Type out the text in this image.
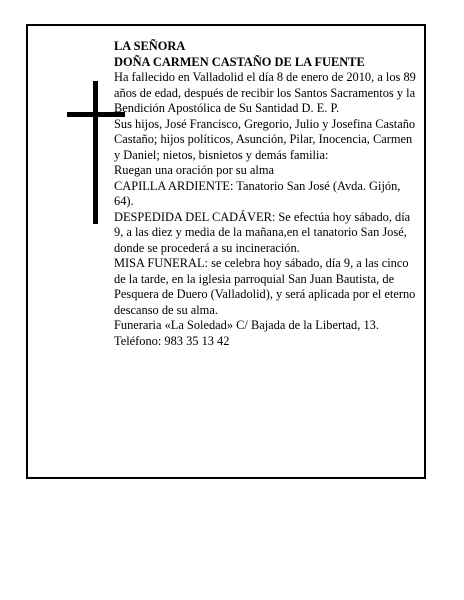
LA SEÑORA

DOÑA CARMEN CASTAÑO DE LA FUENTE

Ha fallecido en Valladolid el día 8 de enero de 2010, a los 89 años de edad, después de recibir los Santos Sacramentos y la Bendición Apostólica de Su Santidad D. E. P.

Sus hijos, José Francisco, Gregorio, Julio y Josefina Castaño Castaño; hijos políticos, Asunción, Pilar, Inocencia, Carmen y Daniel; nietos, bisnietos y demás familia:

Ruegan una oración por su alma

CAPILLA ARDIENTE: Tanatorio San José (Avda. Gijón, 64).

DESPEDIDA DEL CADÁVER: Se efectúa hoy sábado, día 9, a las diez y media de la mañana,en el tanatorio San José, donde se procederá a su incineración.

MISA FUNERAL: se celebra hoy sábado, día 9, a las cinco de la tarde, en la iglesia parroquial San Juan Bautista, de Pesquera de Duero (Valladolid), y será aplicada por el eterno descanso de su alma.

Funeraria «La Soledad» C/ Bajada de la Libertad, 13. Teléfono: 983 35 13 42
